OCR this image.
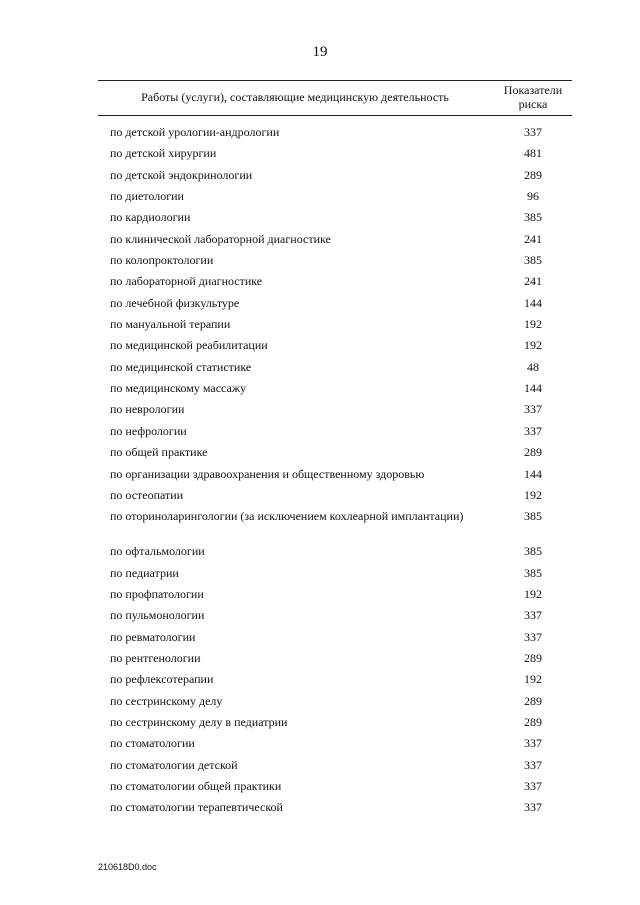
19
Работы (услуги), составляющие медицинскую деятельность	Показатели риска
по детской урологии-андрологии	337
по детской хирургии	481
по детской эндокринологии	289
по диетологии	96
по кардиологии	385
по клинической лабораторной диагностике	241
по колопроктологии	385
по лабораторной диагностике	241
по лечебной физкультуре	144
по мануальной терапии	192
по медицинской реабилитации	192
по медицинской статистике	48
по медицинскому массажу	144
по неврологии	337
по нефрологии	337
по общей практике	289
по организации здравоохранения и общественному здоровью	144
по остеопатии	192
по оториноларингологии (за исключением кохлеарной имплантации)	385
по офтальмологии	385
по педиатрии	385
по профпатологии	192
по пульмонологии	337
по ревматологии	337
по рентгенологии	289
по рефлексотерапии	192
по сестринскому делу	289
по сестринскому делу в педиатрии	289
по стоматологии	337
по стоматологии детской	337
по стоматологии общей практики	337
по стоматологии терапевтической	337
210618D0.doc
